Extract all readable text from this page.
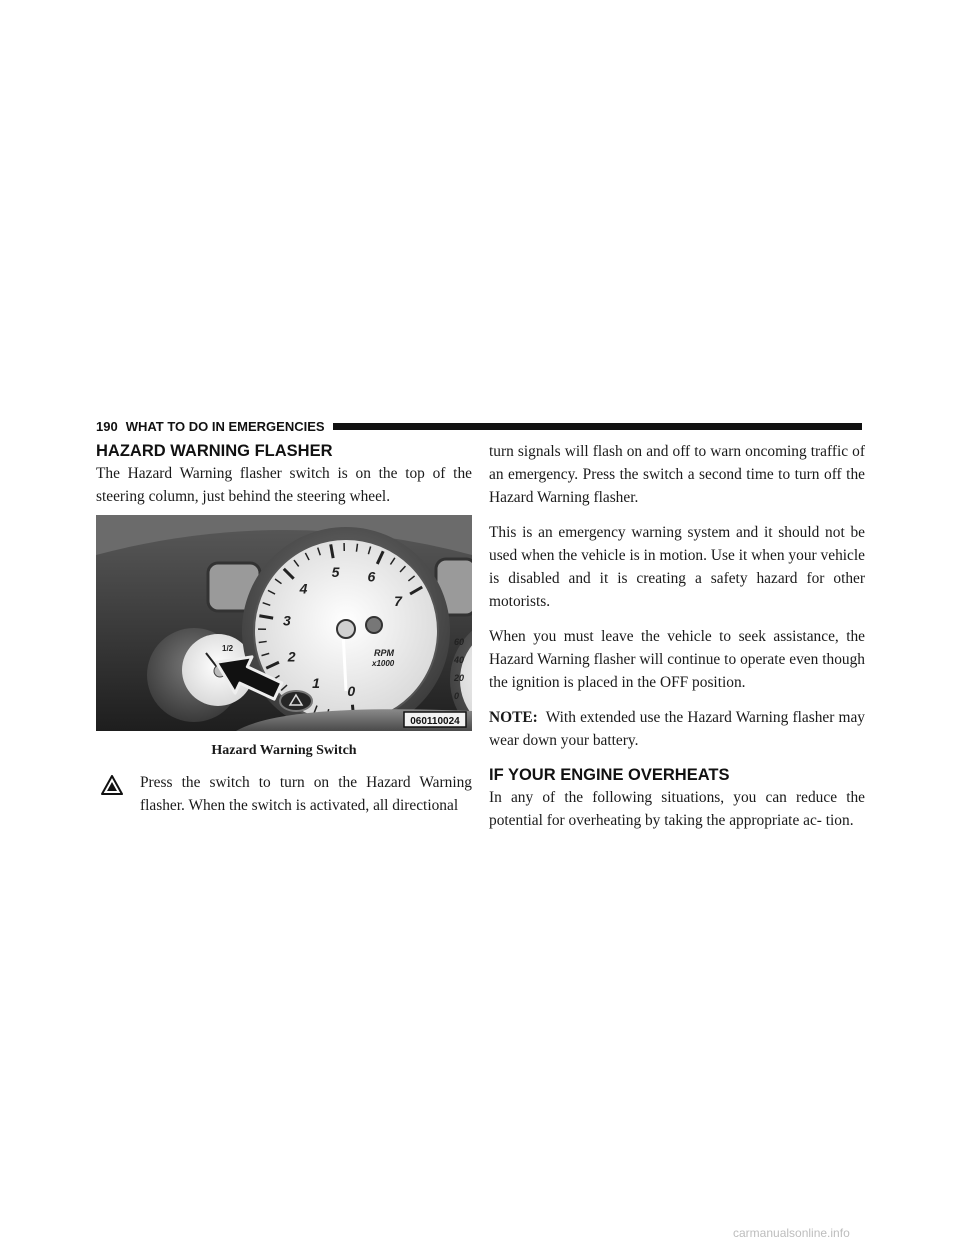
190 WHAT TO DO IN EMERGENCIES
HAZARD WARNING FLASHER

The Hazard Warning flasher switch is on the top of the steering column, just behind the steering wheel.

1/2
0
1
2
3
4
5 6
7
RPM
x1000
60
40
20
0
060110024
Hazard Warning Switch

Press the switch to turn on the Hazard Warning flasher. When the switch is activated, all directional

turn signals will flash on and off to warn oncoming traffic of an emergency. Press the switch a second time to turn off the Hazard Warning flasher.

This is an emergency warning system and it should not be used when the vehicle is in motion. Use it when your vehicle is disabled and it is creating a safety hazard for other motorists.

When you must leave the vehicle to seek assistance, the Hazard Warning flasher will continue to operate even though the ignition is placed in the OFF position.

NOTE: With extended use the Hazard Warning flasher may wear down your battery.

IF YOUR ENGINE OVERHEATS

In any of the following situations, you can reduce the potential for overheating by taking the appropriate ac- tion.

carmanualsonline.info
